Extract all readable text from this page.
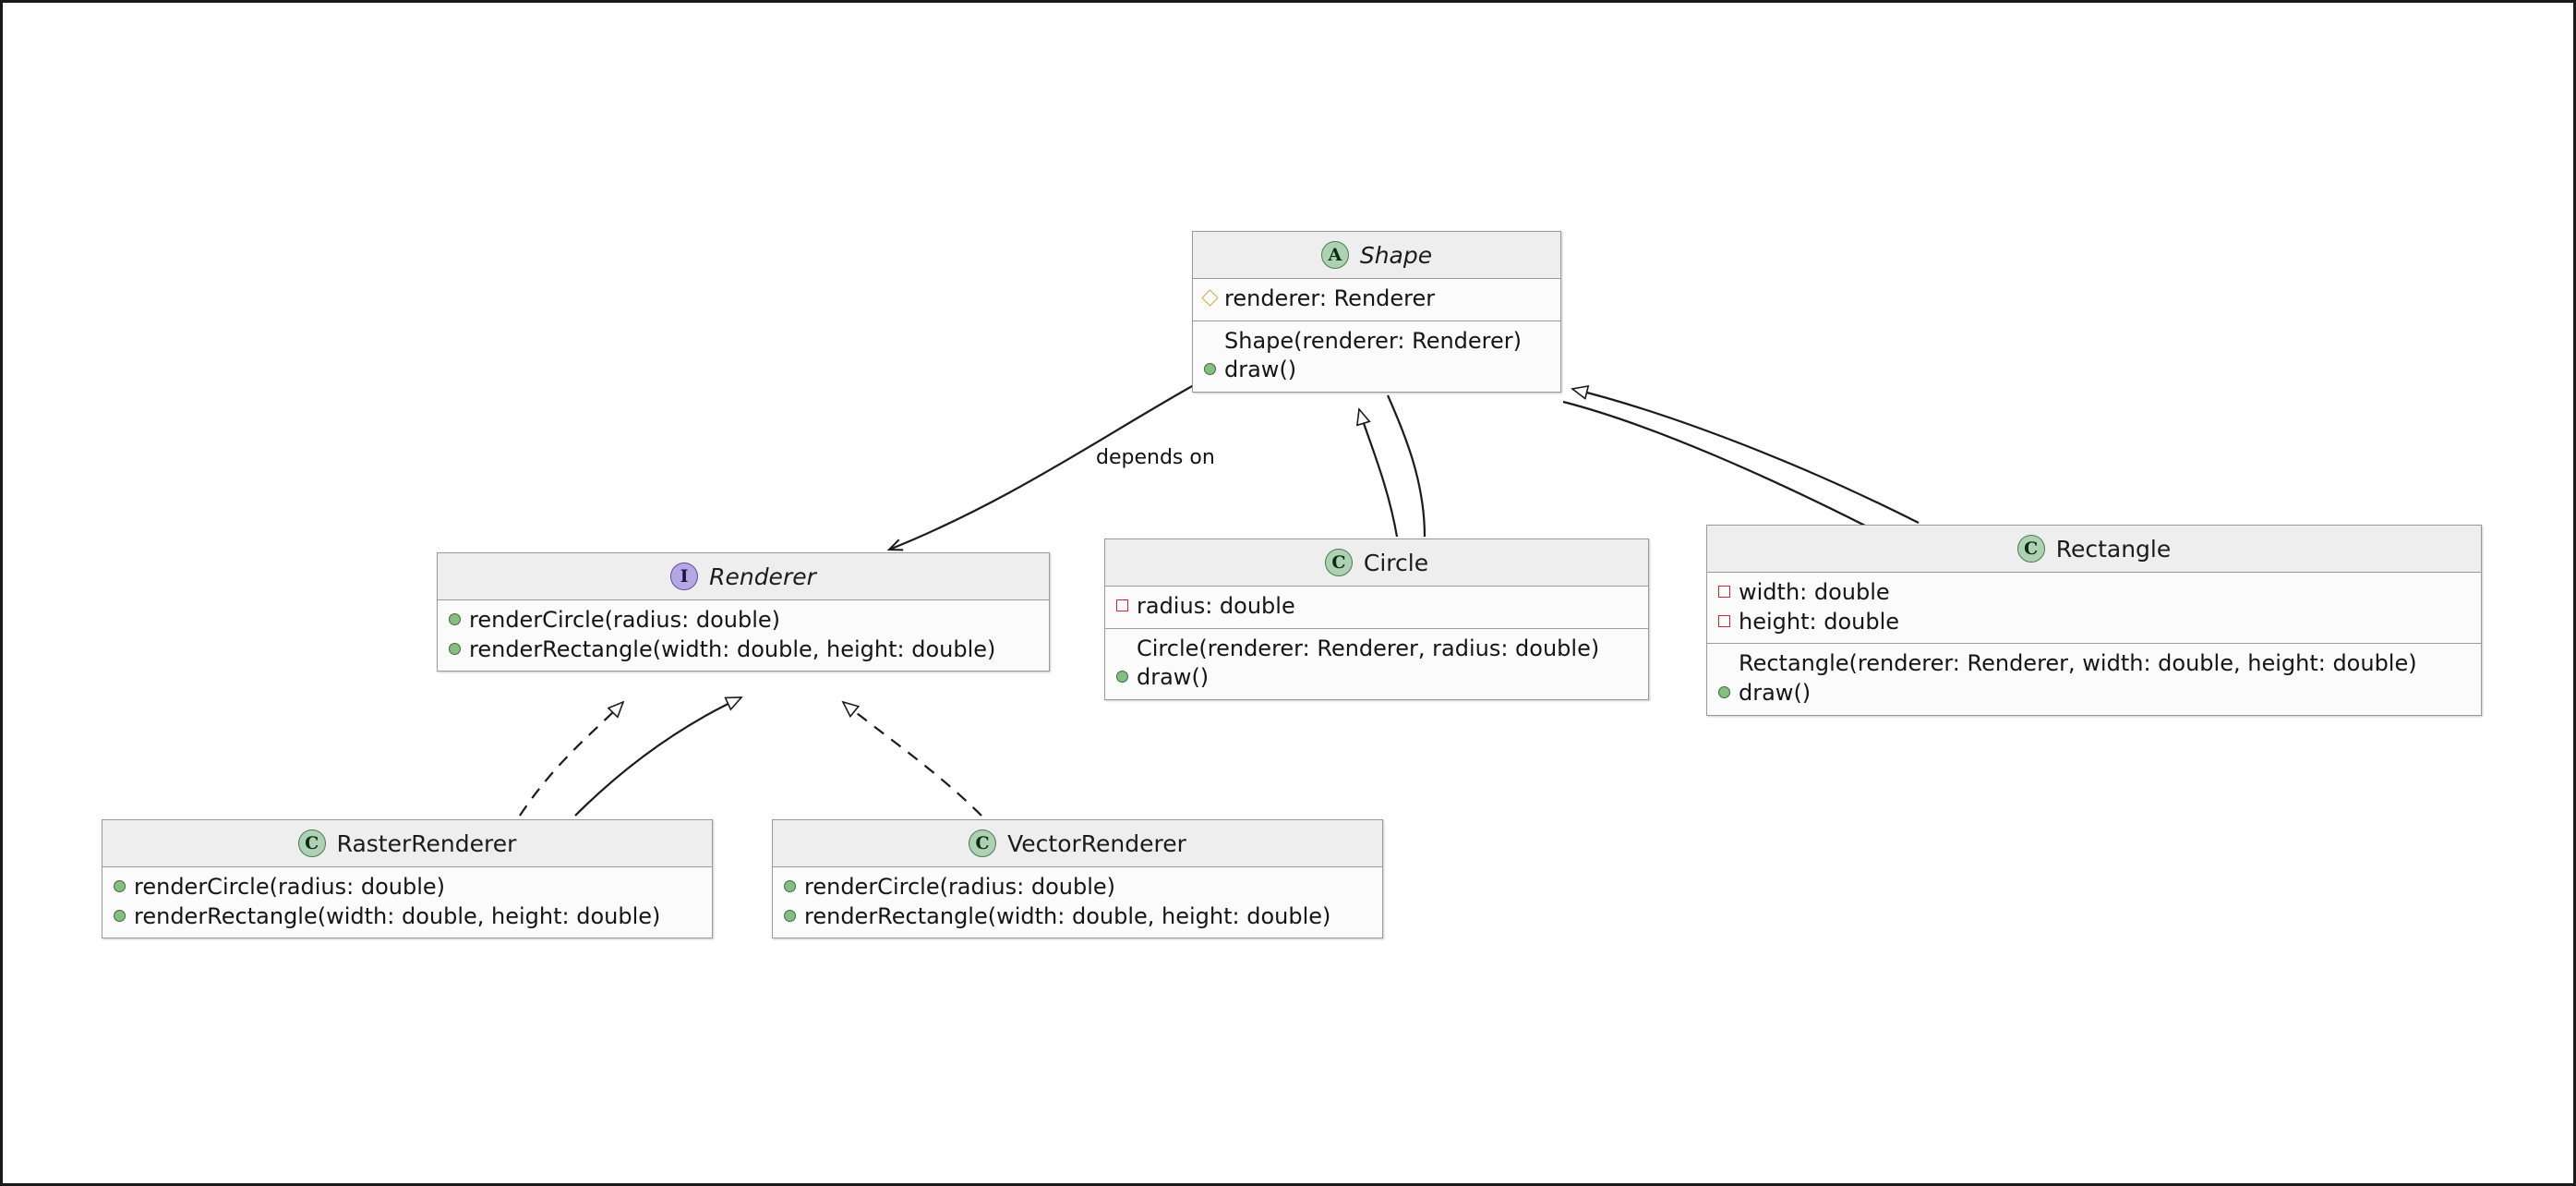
depends on
A Shape
renderer: Renderer
Shape(renderer: Renderer)
draw()
I Renderer
renderCircle(radius: double)
renderRectangle(width: double, height: double)
C Circle
radius: double
Circle(renderer: Renderer, radius: double)
draw()
C Rectangle
width: double
height: double
Rectangle(renderer: Renderer, width: double, height: double)
draw()
C RasterRenderer
renderCircle(radius: double)
renderRectangle(width: double, height: double)
C VectorRenderer
renderCircle(radius: double)
renderRectangle(width: double, height: double)
